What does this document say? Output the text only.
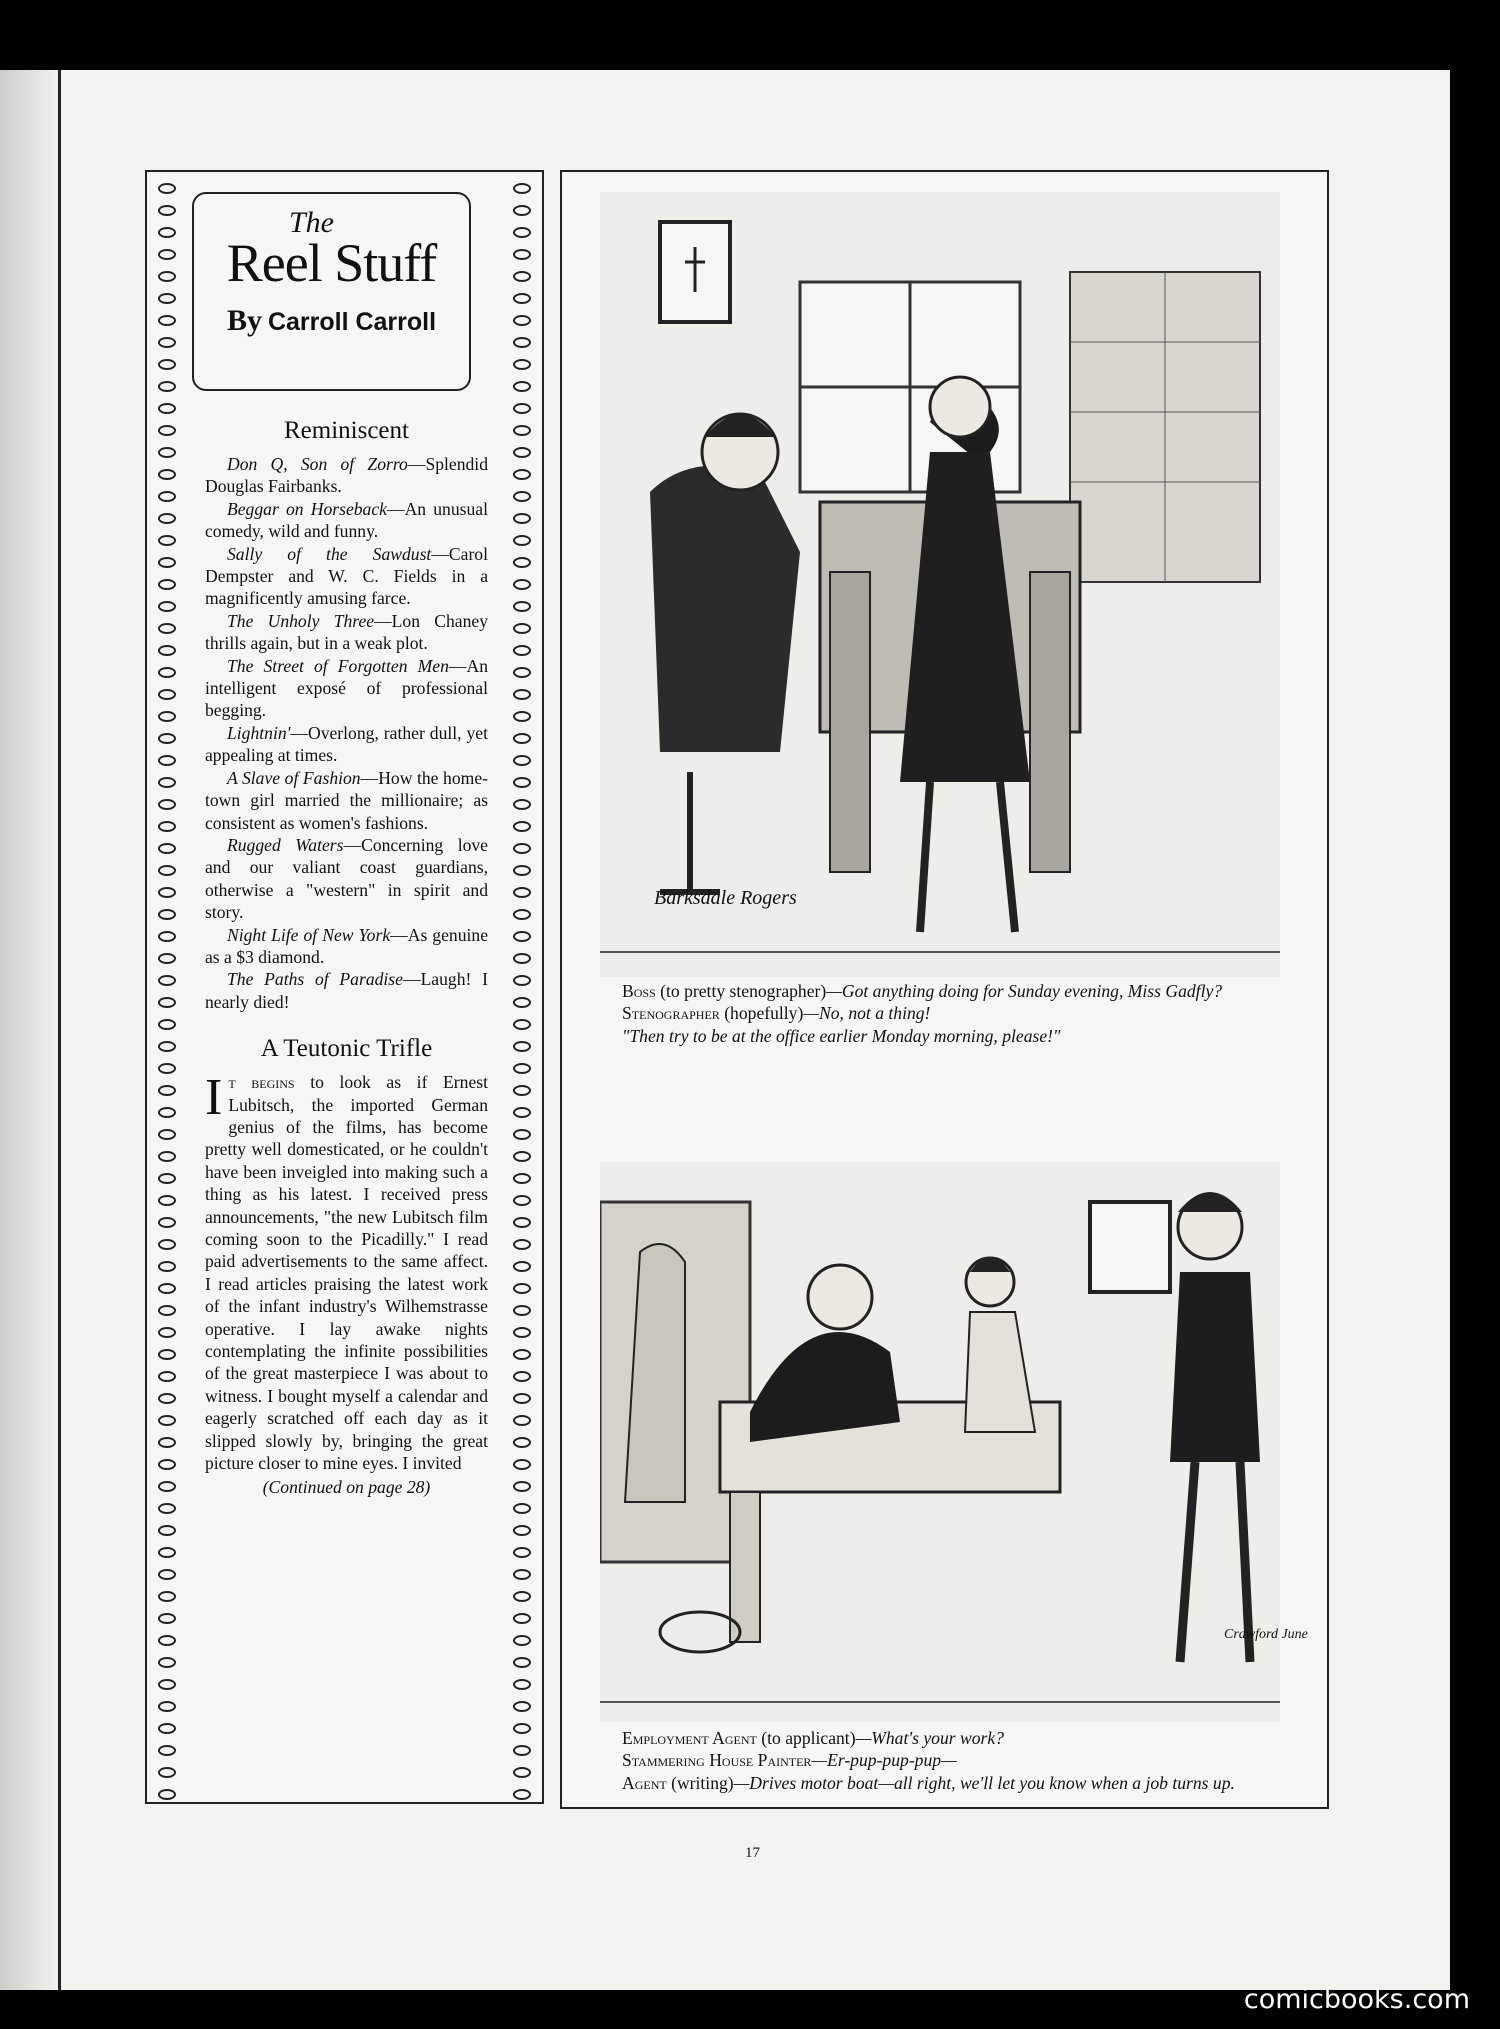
The
Reel Stuff
By Carroll Carroll
Reminiscent

Don Q, Son of Zorro—Splendid Douglas Fairbanks.

Beggar on Horseback—An unusual comedy, wild and funny.

Sally of the Sawdust—Carol Dempster and W. C. Fields in a magnificently amusing farce.

The Unholy Three—Lon Chaney thrills again, but in a weak plot.

The Street of Forgotten Men—An intelligent exposé of professional begging.

Lightnin'—Overlong, rather dull, yet appealing at times.

A Slave of Fashion—How the home-town girl married the millionaire; as consistent as women's fashions.

Rugged Waters—Concerning love and our valiant coast guardians, otherwise a "western" in spirit and story.

Night Life of New York—As genuine as a $3 diamond.

The Paths of Paradise—Laugh! I nearly died!

A Teutonic Trifle

It begins to look as if Ernest Lubitsch, the imported German genius of the films, has become pretty well domesticated, or he couldn't have been inveigled into making such a thing as his latest. I received press announcements, "the new Lubitsch film coming soon to the Picadilly." I read paid advertisements to the same affect. I read articles praising the latest work of the infant industry's Wilhemstrasse operative. I lay awake nights contemplating the infinite possibilities of the great masterpiece I was about to witness. I bought myself a calendar and eagerly scratched off each day as it slipped slowly by, bringing the great picture closer to mine eyes. I invited

(Continued on page 28)
Barksdale Rogers
Boss (to pretty stenographer)—Got anything doing for Sunday evening, Miss Gadfly?
Stenographer (hopefully)—No, not a thing!
"Then try to be at the office earlier Monday morning, please!"
Crawford June
Employment Agent (to applicant)—What's your work?
Stammering House Painter—Er-pup-pup-pup—
Agent (writing)—Drives motor boat—all right, we'll let you know when a job turns up.
17
comicbooks.com
